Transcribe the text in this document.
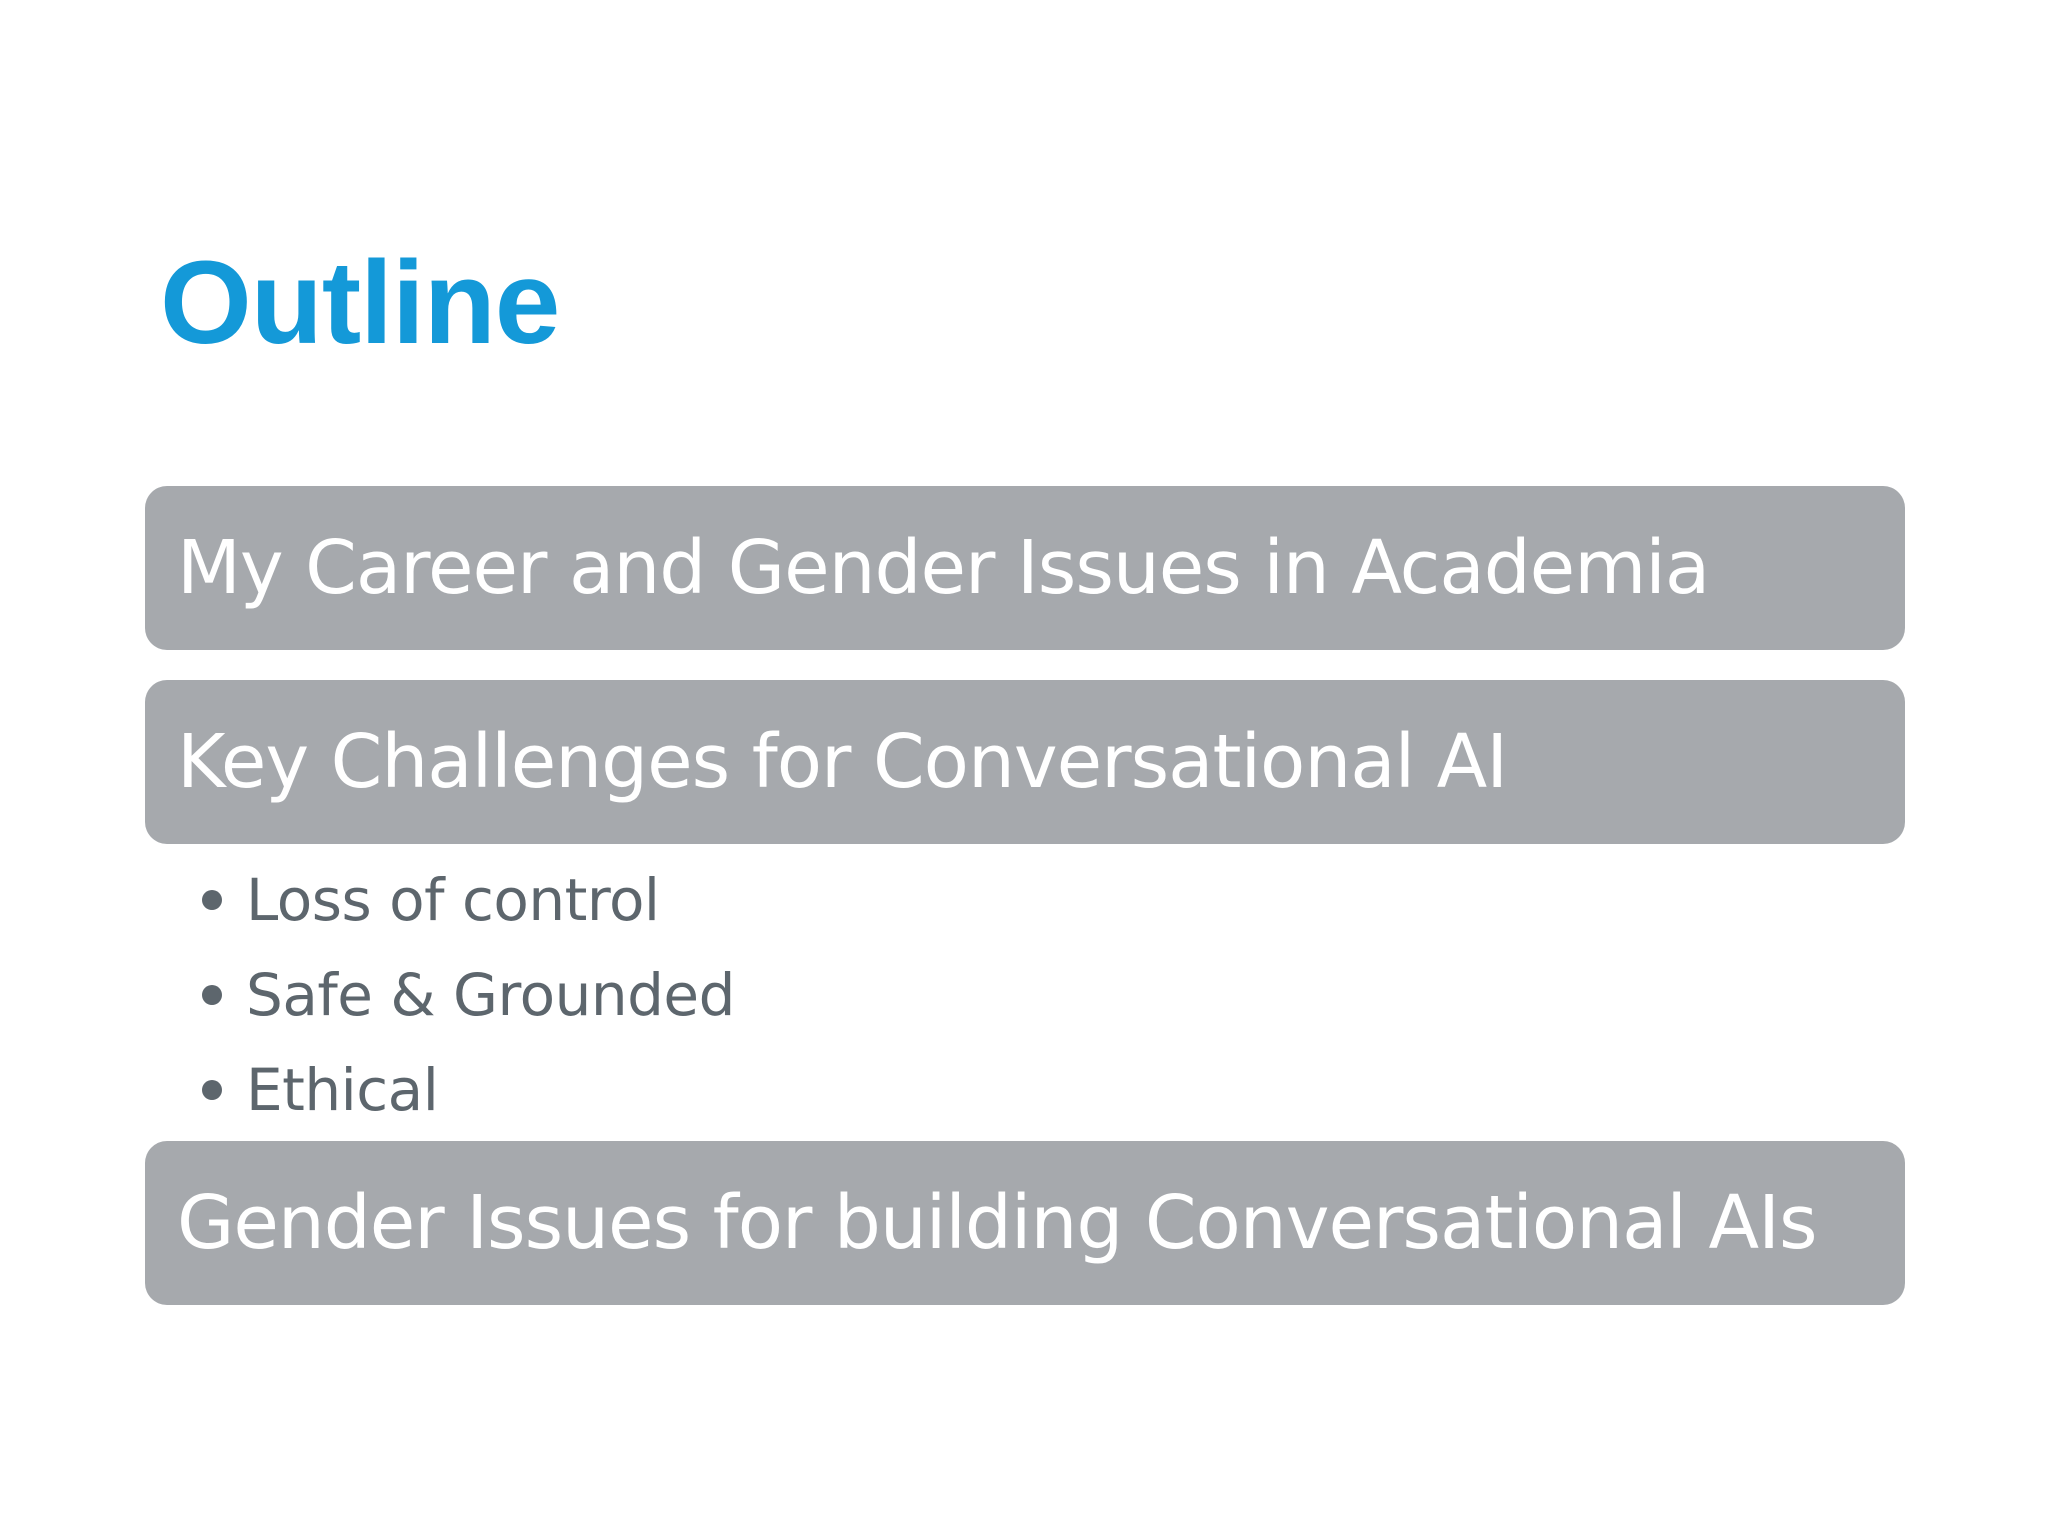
Outline
My Career and Gender Issues in Academia
Key Challenges for Conversational AI
Loss of control
Safe & Grounded
Ethical
Gender Issues for building Conversational AIs
